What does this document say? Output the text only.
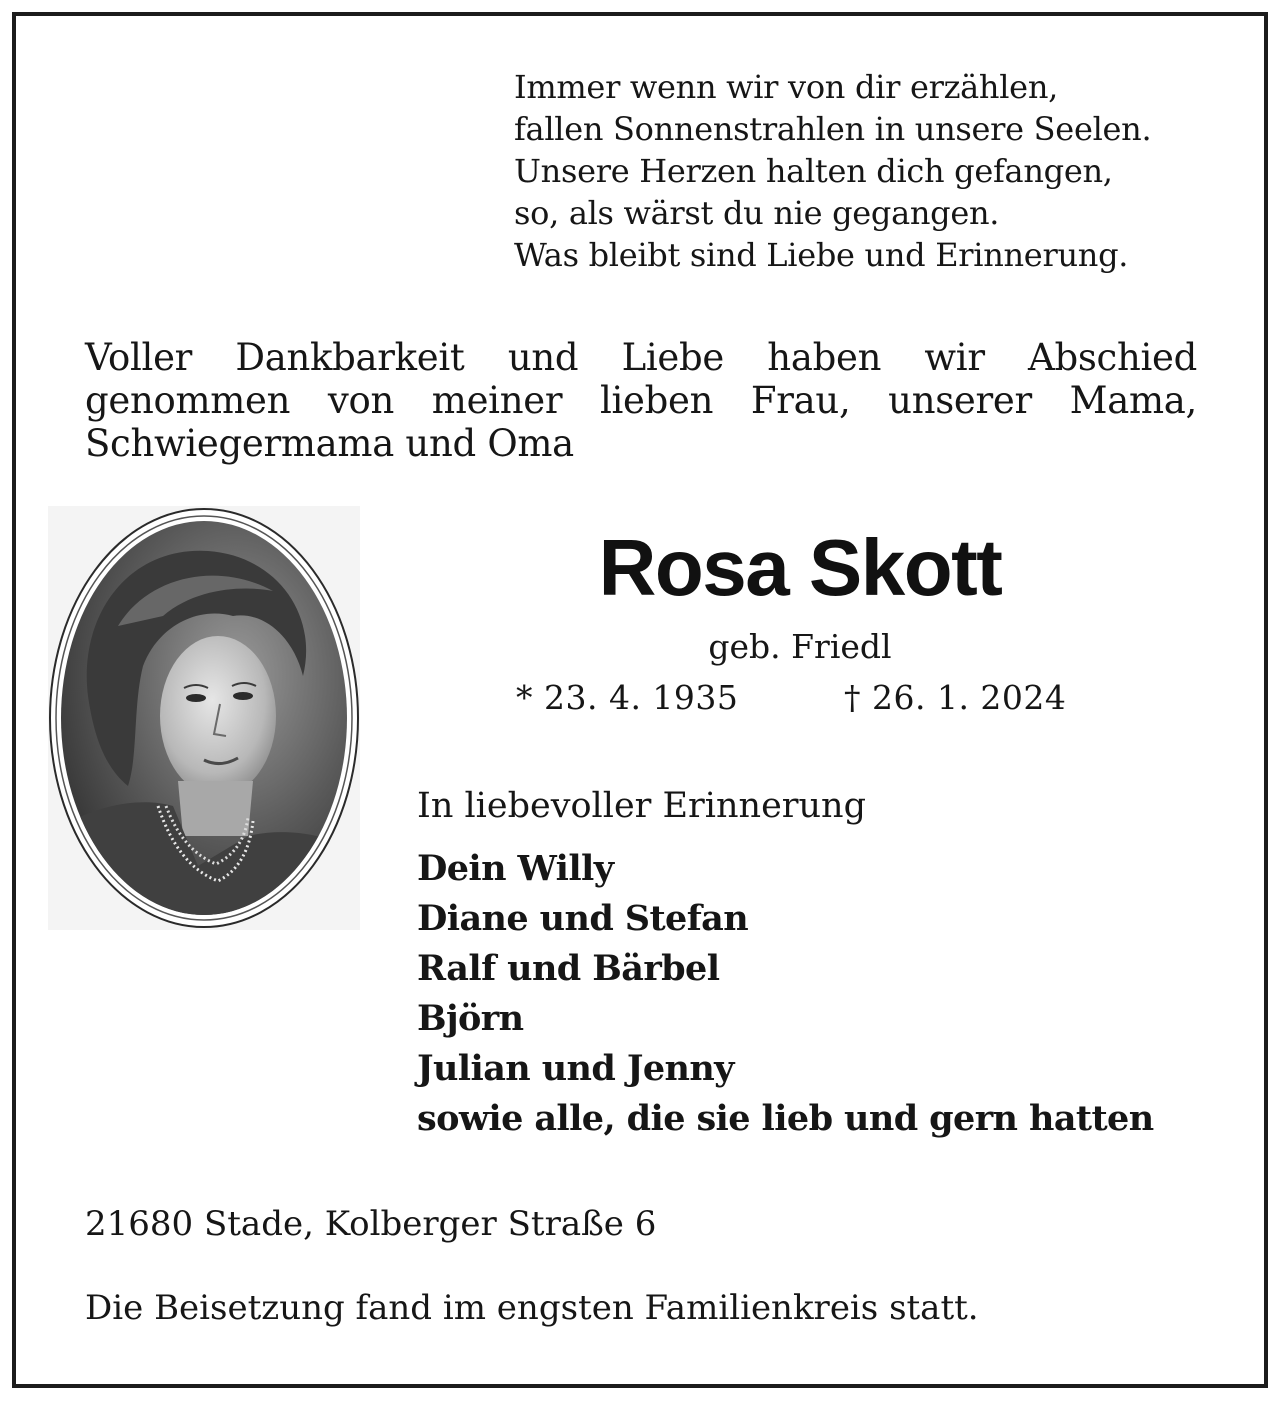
Immer wenn wir von dir erzählen,
fallen Sonnenstrahlen in unsere Seelen.
Unsere Herzen halten dich gefangen,
so, als wärst du nie gegangen.
Was bleibt sind Liebe und Erinnerung.
Voller Dankbarkeit und Liebe haben wir Abschied genommen von meiner lieben Frau, unserer Mama, Schwiegermama und Oma
Rosa Skott
geb. Friedl
* 23. 4. 1935	† 26. 1. 2024
In liebevoller Erinnerung
Dein Willy
Diane und Stefan
Ralf und Bärbel
Björn
Julian und Jenny
sowie alle, die sie lieb und gern hatten
21680 Stade, Kolberger Straße 6
Die Beisetzung fand im engsten Familienkreis statt.
